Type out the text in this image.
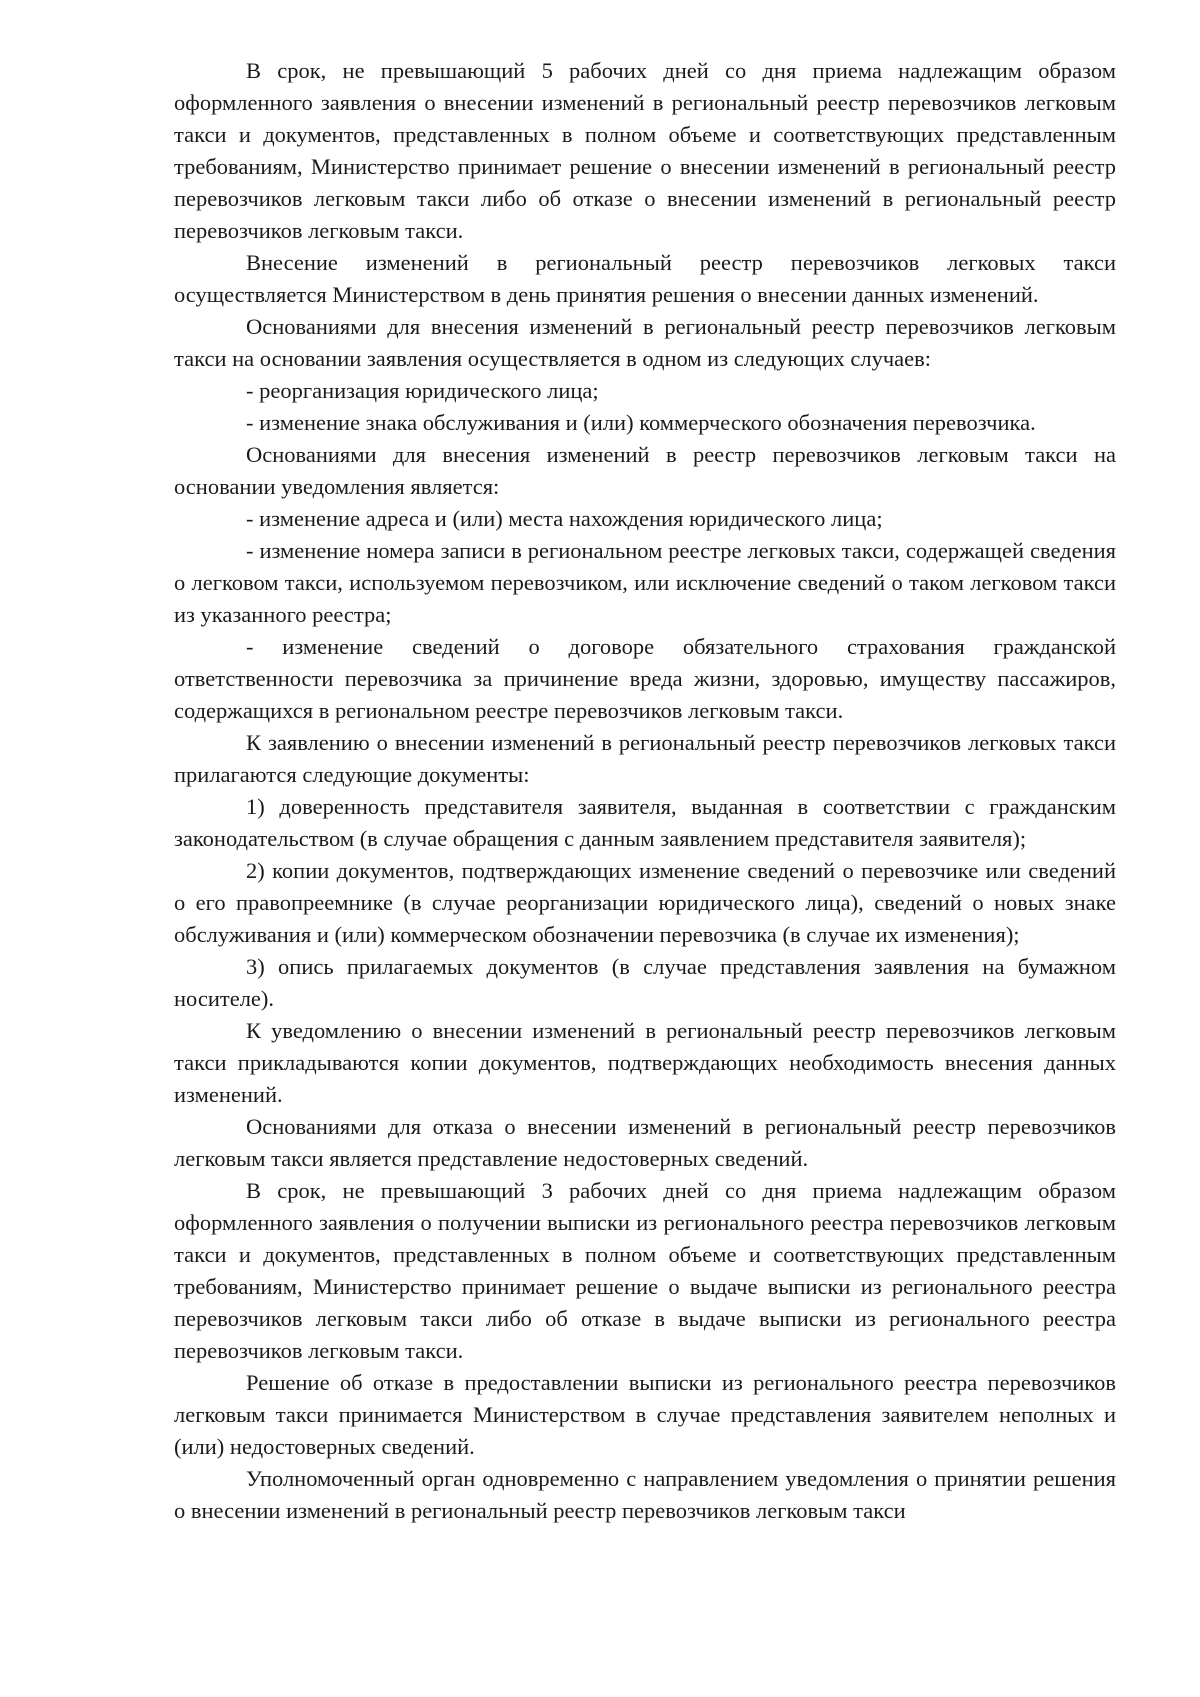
В срок, не превышающий 5 рабочих дней со дня приема надлежащим образом оформленного заявления о внесении изменений в региональный реестр перевозчиков легковым такси и документов, представленных в полном объеме и соответствующих представленным требованиям, Министерство принимает решение о внесении изменений в региональный реестр перевозчиков легковым такси либо об отказе о внесении изменений в региональный реестр перевозчиков легковым такси.

Внесение изменений в региональный реестр перевозчиков легковых такси осуществляется Министерством в день принятия решения о внесении данных изменений.

Основаниями для внесения изменений в региональный реестр перевозчиков легковым такси на основании заявления осуществляется в одном из следующих случаев:

- реорганизация юридического лица;

- изменение знака обслуживания и (или) коммерческого обозначения перевозчика.

Основаниями для внесения изменений в реестр перевозчиков легковым такси на основании уведомления является:

- изменение адреса и (или) места нахождения юридического лица;

- изменение номера записи в региональном реестре легковых такси, содержащей сведения о легковом такси, используемом перевозчиком, или исключение сведений о таком легковом такси из указанного реестра;

- изменение сведений о договоре обязательного страхования гражданской ответственности перевозчика за причинение вреда жизни, здоровью, имуществу пассажиров, содержащихся в региональном реестре перевозчиков легковым такси.

К заявлению о внесении изменений в региональный реестр перевозчиков легковых такси прилагаются следующие документы:

1) доверенность представителя заявителя, выданная в соответствии с гражданским законодательством (в случае обращения с данным заявлением представителя заявителя);

2) копии документов, подтверждающих изменение сведений о перевозчике или сведений о его правопреемнике (в случае реорганизации юридического лица), сведений о новых знаке обслуживания и (или) коммерческом обозначении перевозчика (в случае их изменения);

3) опись прилагаемых документов (в случае представления заявления на бумажном носителе).

К уведомлению о внесении изменений в региональный реестр перевозчиков легковым такси прикладываются копии документов, подтверждающих необходимость внесения данных изменений.

Основаниями для отказа о внесении изменений в региональный реестр перевозчиков легковым такси является представление недостоверных сведений.

В срок, не превышающий 3 рабочих дней со дня приема надлежащим образом оформленного заявления о получении выписки из регионального реестра перевозчиков легковым такси и документов, представленных в полном объеме и соответствующих представленным требованиям, Министерство принимает решение о выдаче выписки из регионального реестра перевозчиков легковым такси либо об отказе в выдаче выписки из регионального реестра перевозчиков легковым такси.

Решение об отказе в предоставлении выписки из регионального реестра перевозчиков легковым такси принимается Министерством в случае представления заявителем неполных и (или) недостоверных сведений.

Уполномоченный орган одновременно с направлением уведомления о принятии решения о внесении изменений в региональный реестр перевозчиков легковым такси
